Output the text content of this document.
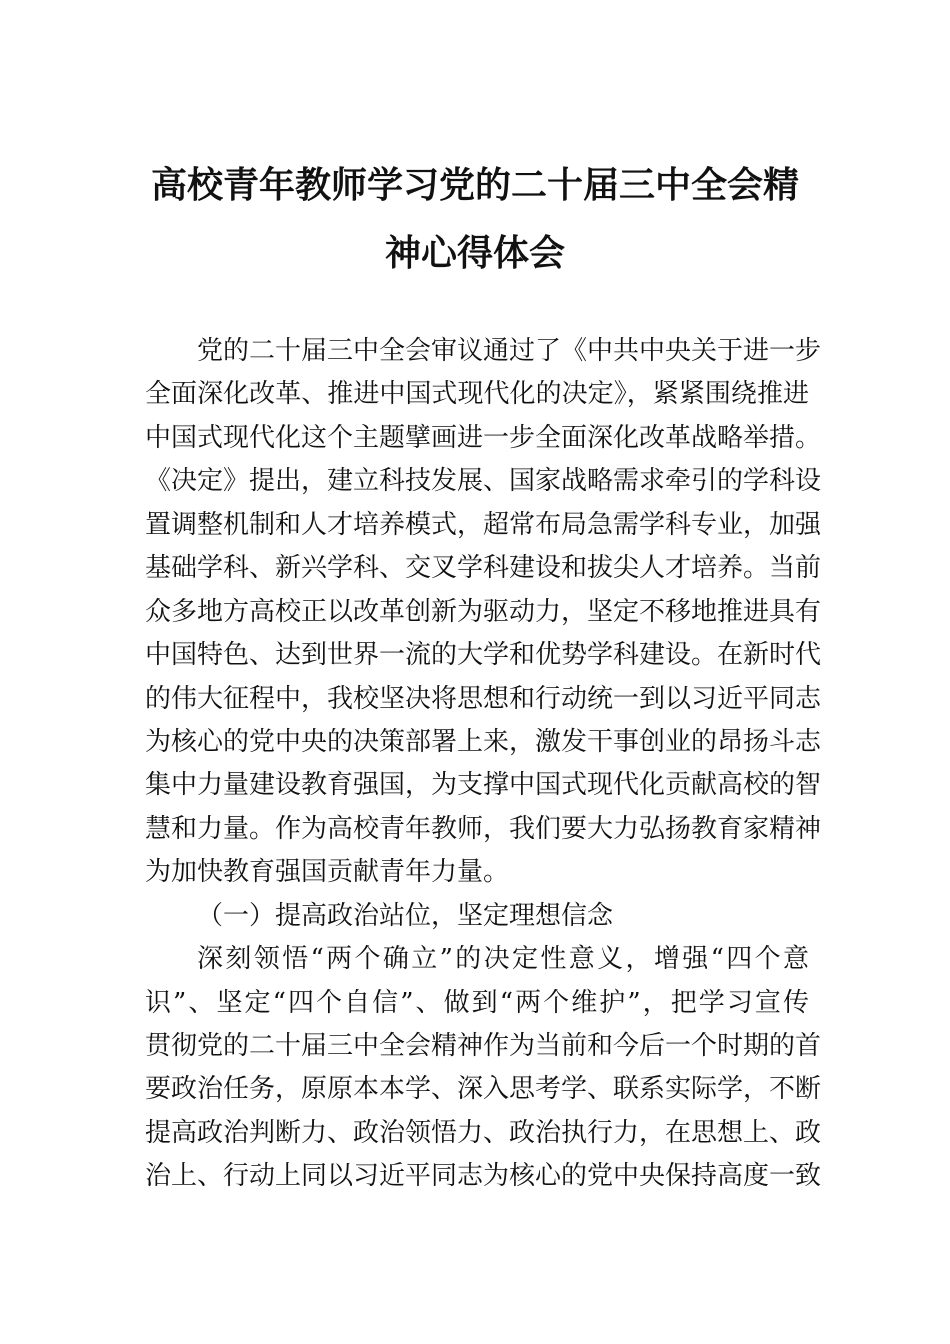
高校青年教师学习党的二十届三中全会精
神心得体会
党的二十届三中全会审议通过了《中共中央关于进一步
全面深化改革、推进中国式现代化的决定》，紧紧围绕推进
中国式现代化这个主题擘画进一步全面深化改革战略举措。
《决定》提出，建立科技发展、国家战略需求牵引的学科设
置调整机制和人才培养模式，超常布局急需学科专业，加强
基础学科、新兴学科、交叉学科建设和拔尖人才培养。当前
众多地方高校正以改革创新为驱动力，坚定不移地推进具有
中国特色、达到世界一流的大学和优势学科建设。在新时代
的伟大征程中，我校坚决将思想和行动统一到以习近平同志
为核心的党中央的决策部署上来，激发干事创业的昂扬斗志
集中力量建设教育强国，为支撑中国式现代化贡献高校的智
慧和力量。作为高校青年教师，我们要大力弘扬教育家精神
为加快教育强国贡献青年力量。
（一）提高政治站位，坚定理想信念
深刻领悟“两个确立”的决定性意义，增强“四个意
识”、坚定“四个自信”、做到“两个维护”，把学习宣传
贯彻党的二十届三中全会精神作为当前和今后一个时期的首
要政治任务，原原本本学、深入思考学、联系实际学，不断
提高政治判断力、政治领悟力、政治执行力，在思想上、政
治上、行动上同以习近平同志为核心的党中央保持高度一致
